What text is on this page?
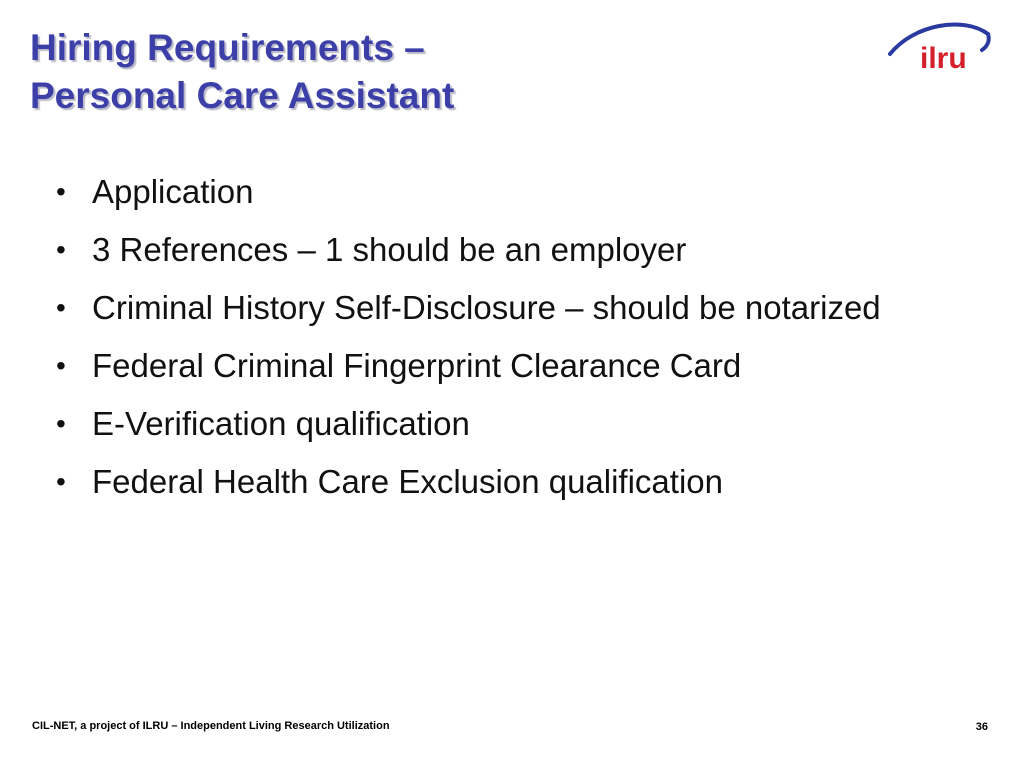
Hiring Requirements –
Personal Care Assistant
ilru
• Application
• 3 References – 1 should be an employer
• Criminal History Self-Disclosure – should be notarized
• Federal Criminal Fingerprint Clearance Card
• E-Verification qualification
• Federal Health Care Exclusion qualification
CIL-NET, a project of ILRU – Independent Living Research Utilization	36
